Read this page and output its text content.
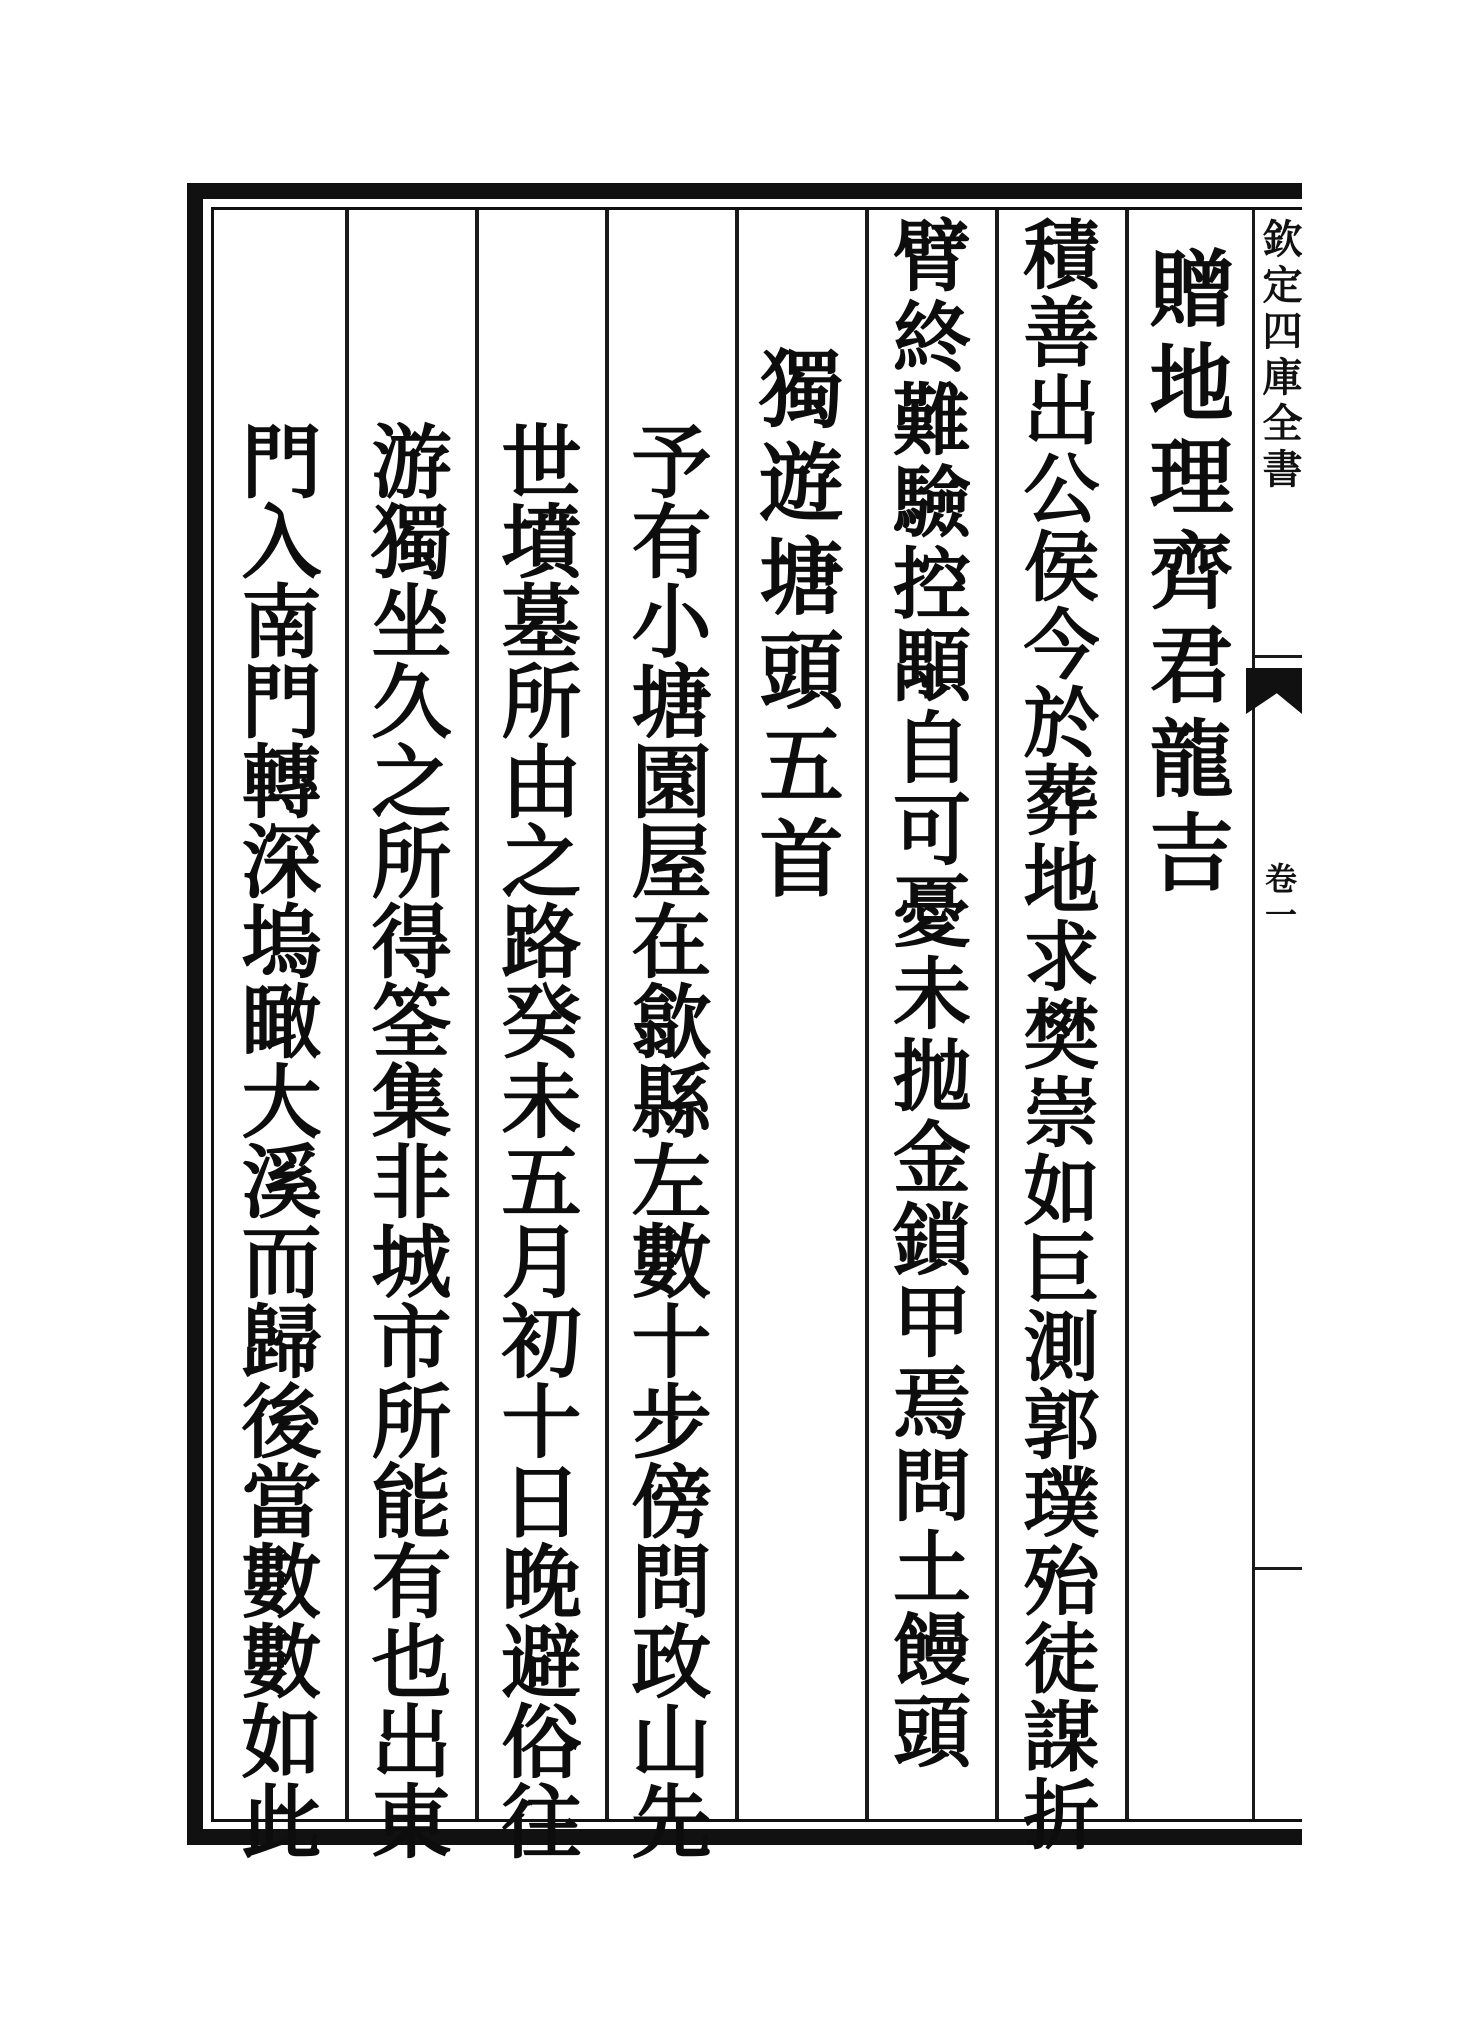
欽定四庫全書
卷一
贈地理齊君龍吉
積善出公侯今於葬地求樊崇如巨測郭璞殆徒謀折
臂終難驗控顒自可憂未抛金鎖甲焉問土饅頭
獨遊塘頭五首
予有小塘園屋在歙縣左數十步傍問政山先
世墳墓所由之路癸未五月初十日晚避俗往
游獨坐久之所得筌集非城市所能有也出東
門入南門轉深塢瞰大溪而歸後當數數如此
